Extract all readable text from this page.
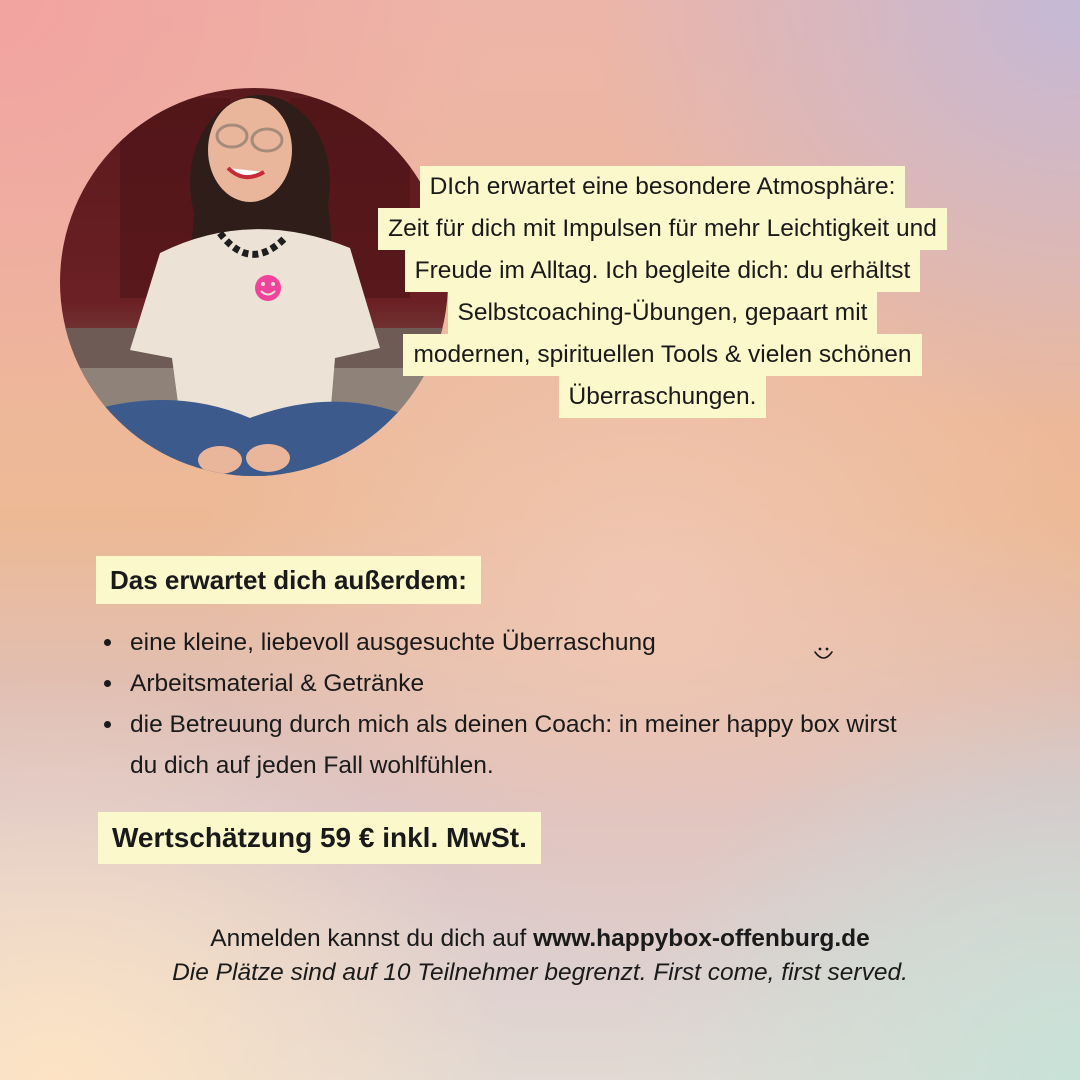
DIch erwartet eine besondere Atmosphäre:
Zeit für dich mit Impulsen für mehr Leichtigkeit und
Freude im Alltag. Ich begleite dich: du erhältst
Selbstcoaching-Übungen, gepaart mit
modernen, spirituellen Tools & vielen schönen
Überraschungen.
Das erwartet dich außerdem:
eine kleine, liebevoll ausgesuchte Überraschung
Arbeitsmaterial & Getränke
die Betreuung durch mich als deinen Coach: in meiner happy box wirst du dich auf jeden Fall wohlfühlen.
Wertschätzung 59 € inkl. MwSt.
Anmelden kannst du dich auf www.happybox-offenburg.de
Die Plätze sind auf 10 Teilnehmer begrenzt. First come, first served.
